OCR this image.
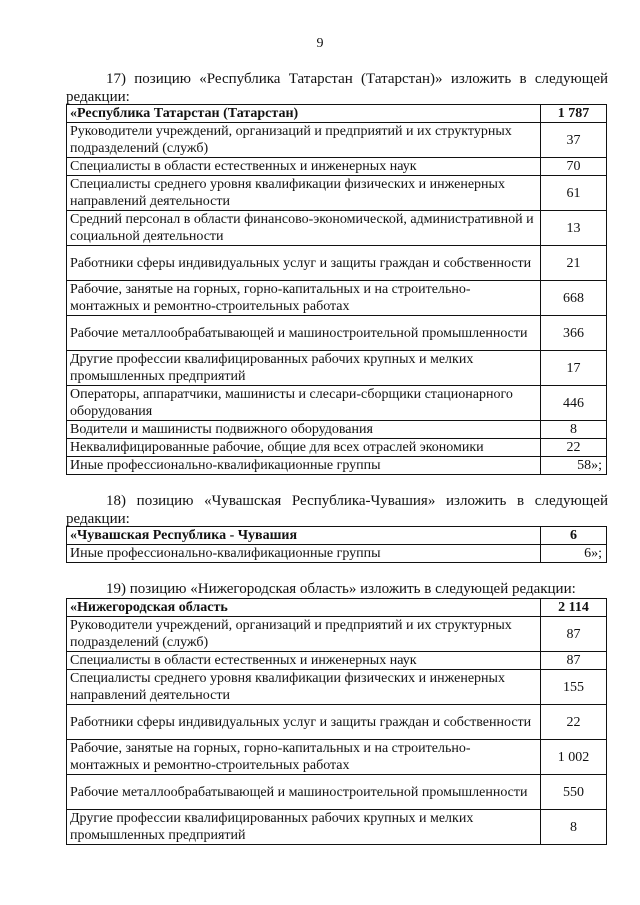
9
17) позицию «Республика Татарстан (Татарстан)» изложить в следующей редакции:
«Республика Татарстан (Татарстан)	1 787
Руководители учреждений, организаций и предприятий и их структурных подразделений (служб)	37
Специалисты в области естественных и инженерных наук	70
Специалисты среднего уровня квалификации физических и инженерных направлений деятельности	61
Средний персонал в области финансово-экономической, административной и социальной деятельности	13
Работники сферы индивидуальных услуг и защиты граждан и собственности	21
Рабочие, занятые на горных, горно-капитальных и на строительно-монтажных и ремонтно-строительных работах	668
Рабочие металлообрабатывающей и машиностроительной промышленности	366
Другие профессии квалифицированных рабочих крупных и мелких промышленных предприятий	17
Операторы, аппаратчики, машинисты и слесари-сборщики стационарного оборудования	446
Водители и машинисты подвижного оборудования	8
Неквалифицированные рабочие, общие для всех отраслей экономики	22
Иные профессионально-квалификационные группы	58»;
18) позицию «Чувашская Республика-Чувашия» изложить в следующей редакции:
«Чувашская Республика - Чувашия	6
Иные профессионально-квалификационные группы	6»;
19) позицию «Нижегородская область» изложить в следующей редакции:
«Нижегородская область	2 114
Руководители учреждений, организаций и предприятий и их структурных подразделений (служб)	87
Специалисты в области естественных и инженерных наук	87
Специалисты среднего уровня квалификации физических и инженерных направлений деятельности	155
Работники сферы индивидуальных услуг и защиты граждан и собственности	22
Рабочие, занятые на горных, горно-капитальных и на строительно-монтажных и ремонтно-строительных работах	1 002
Рабочие металлообрабатывающей и машиностроительной промышленности	550
Другие профессии квалифицированных рабочих крупных и мелких промышленных предприятий	8
